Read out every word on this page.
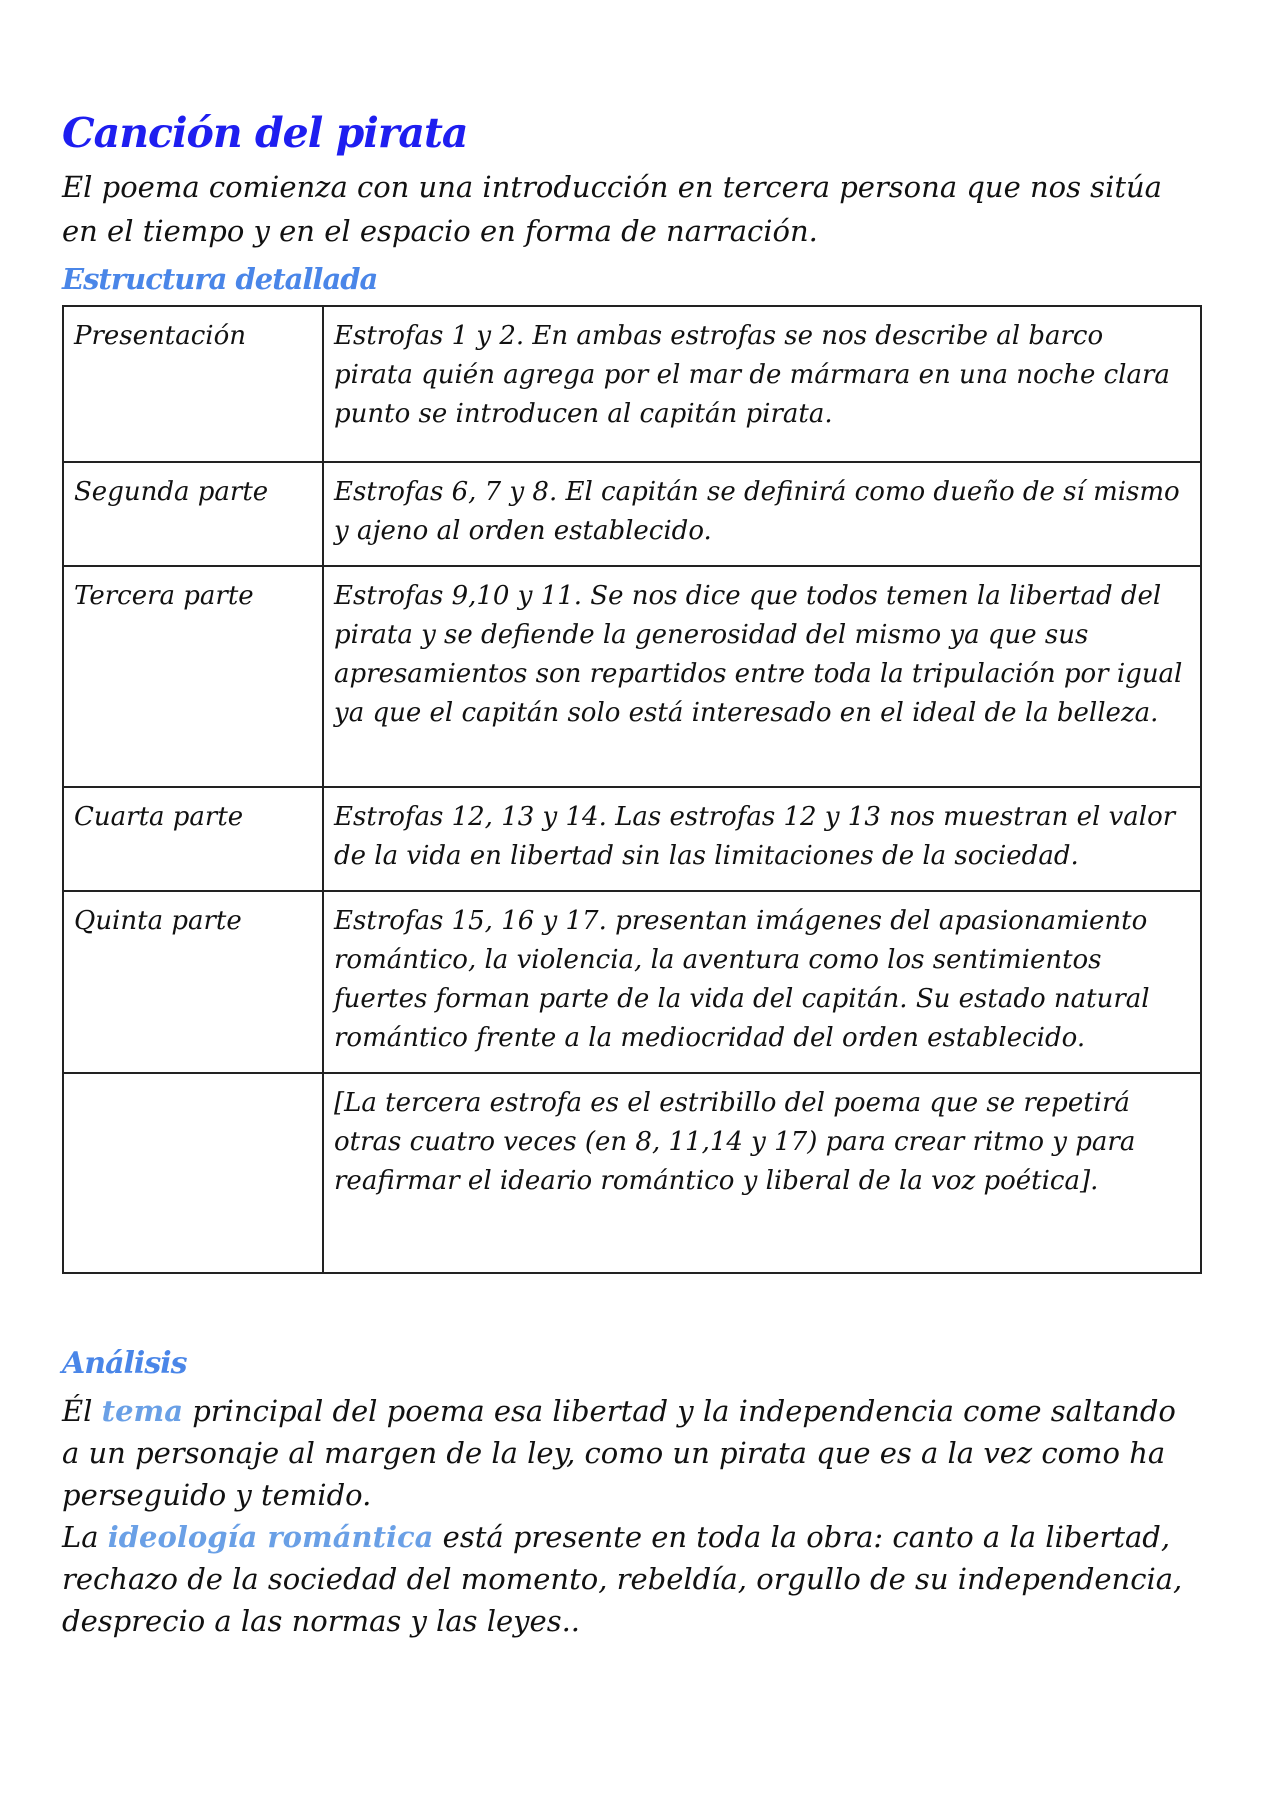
Canción del pirata

El poema comienza con una introducción en tercera persona que nos sitúa en el tiempo y en el espacio en forma de narración.

Estructura detallada
Presentación	Estrofas 1 y 2. En ambas estrofas se nos describe al barco pirata quién agrega por el mar de mármara en una noche clara punto se introducen al capitán pirata.
Segunda parte	Estrofas 6, 7 y 8. El capitán se definirá como dueño de sí mismo y ajeno al orden establecido.
Tercera parte	Estrofas 9,10 y 11. Se nos dice que todos temen la libertad del pirata y se defiende la generosidad del mismo ya que sus apresamientos son repartidos entre toda la tripulación por igual ya que el capitán solo está interesado en el ideal de la belleza.
Cuarta parte	Estrofas 12, 13 y 14. Las estrofas 12 y 13 nos muestran el valor de la vida en libertad sin las limitaciones de la sociedad.
Quinta parte	Estrofas 15, 16 y 17. presentan imágenes del apasionamiento romántico, la violencia, la aventura como los sentimientos fuertes forman parte de la vida del capitán. Su estado natural romántico frente a la mediocridad del orden establecido.
	[La tercera estrofa es el estribillo del poema que se repetirá otras cuatro veces (en 8, 11,14 y 17) para crear ritmo y para reafirmar el ideario romántico y liberal de la voz poética].
Análisis

Él tema principal del poema esa libertad y la independencia come saltando a un personaje al margen de la ley, como un pirata que es a la vez como ha perseguido y temido.

La ideología romántica está presente en toda la obra: canto a la libertad, rechazo de la sociedad del momento, rebeldía, orgullo de su independencia, desprecio a las normas y las leyes..
